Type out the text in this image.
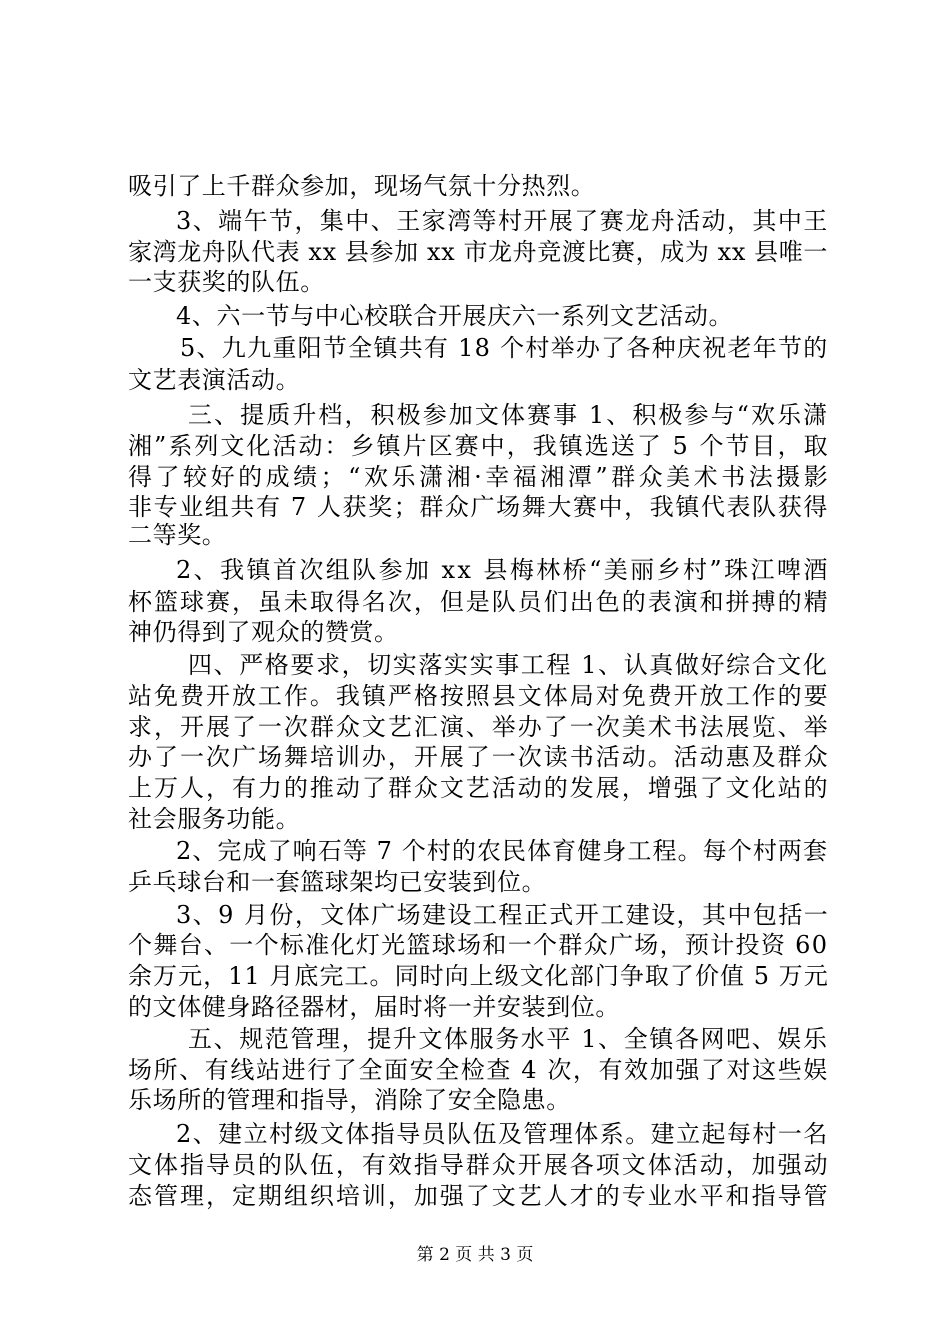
吸引了上千群众参加，现场气氛十分热烈。
3、端午节，集中、王家湾等村开展了赛龙舟活动，其中王
家湾龙舟队代表 xx 县参加 xx 市龙舟竞渡比赛，成为 xx 县唯一
一支获奖的队伍。
4、六一节与中心校联合开展庆六一系列文艺活动。
5、九九重阳节全镇共有 18 个村举办了各种庆祝老年节的
文艺表演活动。
三、提质升档，积极参加文体赛事 1、积极参与“欢乐潇
湘”系列文化活动：乡镇片区赛中，我镇选送了 5 个节目，取
得了较好的成绩；“欢乐潇湘·幸福湘潭”群众美术书法摄影
非专业组共有 7 人获奖；群众广场舞大赛中，我镇代表队获得
二等奖。
2、我镇首次组队参加 xx 县梅林桥“美丽乡村”珠江啤酒
杯篮球赛，虽未取得名次，但是队员们出色的表演和拼搏的精
神仍得到了观众的赞赏。
四、严格要求，切实落实实事工程 1、认真做好综合文化
站免费开放工作。我镇严格按照县文体局对免费开放工作的要
求，开展了一次群众文艺汇演、举办了一次美术书法展览、举
办了一次广场舞培训办，开展了一次读书活动。活动惠及群众
上万人，有力的推动了群众文艺活动的发展，增强了文化站的
社会服务功能。
2、完成了响石等 7 个村的农民体育健身工程。每个村两套
乒乓球台和一套篮球架均已安装到位。
3、9 月份，文体广场建设工程正式开工建设，其中包括一
个舞台、一个标准化灯光篮球场和一个群众广场，预计投资 60
余万元，11 月底完工。同时向上级文化部门争取了价值 5 万元
的文体健身路径器材，届时将一并安装到位。
五、规范管理，提升文体服务水平 1、全镇各网吧、娱乐
场所、有线站进行了全面安全检查 4 次，有效加强了对这些娱
乐场所的管理和指导，消除了安全隐患。
2、建立村级文体指导员队伍及管理体系。建立起每村一名
文体指导员的队伍，有效指导群众开展各项文体活动，加强动
态管理，定期组织培训，加强了文艺人才的专业水平和指导管
第 2 页 共 3 页
